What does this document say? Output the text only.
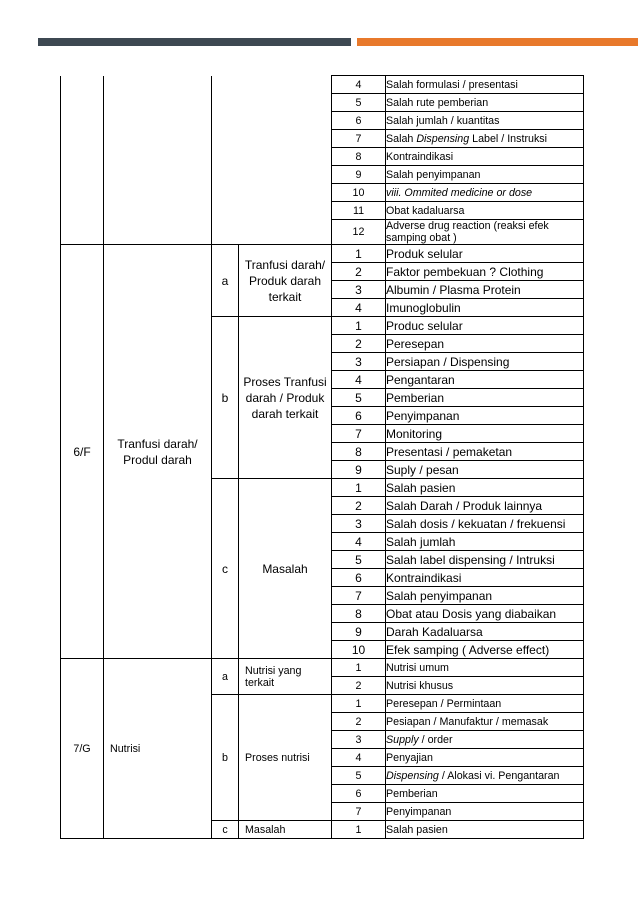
				4	Salah formulasi / presentasi
				5	Salah rute pemberian
				6	Salah jumlah / kuantitas
				7	Salah Dispensing Label / Instruksi
				8	Kontraindikasi
				9	Salah penyimpanan
				10	viii. Ommited medicine or dose
				11	Obat kadaluarsa
				12	Adverse drug reaction (reaksi efek samping obat )
6/F	Tranfusi darah/ Produl darah	a	Tranfusi darah/ Produk darah terkait	1	Produk selular
				2	Faktor pembekuan ? Clothing
				3	Albumin / Plasma Protein
				4	Imunoglobulin
		b	Proses Tranfusi darah / Produk darah terkait	1	Produc selular
				2	Peresepan
				3	Persiapan / Dispensing
				4	Pengantaran
				5	Pemberian
				6	Penyimpanan
				7	Monitoring
				8	Presentasi / pemaketan
				9	Suply / pesan
		c	Masalah	1	Salah pasien
				2	Salah Darah / Produk lainnya
				3	Salah dosis / kekuatan / frekuensi
				4	Salah jumlah
				5	Salah label dispensing / Intruksi
				6	Kontraindikasi
				7	Salah penyimpanan
				8	Obat atau Dosis yang diabaikan
				9	Darah Kadaluarsa
				10	Efek samping ( Adverse effect)
7/G	Nutrisi	a	Nutrisi yang terkait	1	Nutrisi umum
				2	Nutrisi khusus
		b	Proses nutrisi	1	Peresepan / Permintaan
				2	Pesiapan / Manufaktur / memasak
				3	Supply / order
				4	Penyajian
				5	Dispensing / Alokasi vi. Pengantaran
				6	Pemberian
				7	Penyimpanan
		c	Masalah	1	Salah pasien
